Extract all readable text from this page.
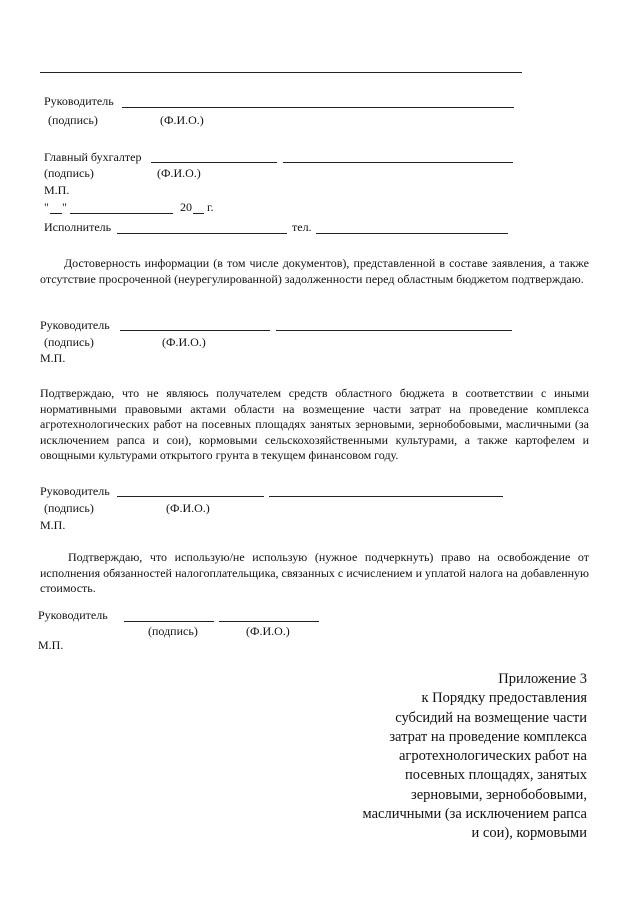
Руководитель
(подпись)	(Ф.И.О.)
Главный бухгалтер
(подпись)	(Ф.И.О.)
М.П.
" "	20 г.
Исполнитель	тел.
Достоверность информации (в том числе документов), представленной в составе заявления, а также отсутствие просроченной (неурегулированной) задолженности перед областным бюджетом подтверждаю.
Руководитель
(подпись)	(Ф.И.О.)
М.П.
Подтверждаю, что не являюсь получателем средств областного бюджета в соответствии с иными нормативными правовыми актами области на возмещение части затрат на проведение комплекса агротехнологических работ на посевных площадях занятых зерновыми, зернобобовыми, масличными (за исключением рапса и сои), кормовыми сельскохозяйственными культурами, а также картофелем и овощными культурами открытого грунта в текущем финансовом году.
Руководитель
(подпись)	(Ф.И.О.)
М.П.
Подтверждаю, что использую/не использую (нужное подчеркнуть) право на освобождение от исполнения обязанностей налогоплательщика, связанных с исчислением и уплатой налога на добавленную стоимость.
Руководитель
(подпись)	(Ф.И.О.)
М.П.
Приложение 3
к Порядку предоставления
субсидий на возмещение части
затрат на проведение комплекса
агротехнологических работ на
посевных площадях, занятых
зерновыми, зернобобовыми,
масличными (за исключением рапса
и сои), кормовыми
